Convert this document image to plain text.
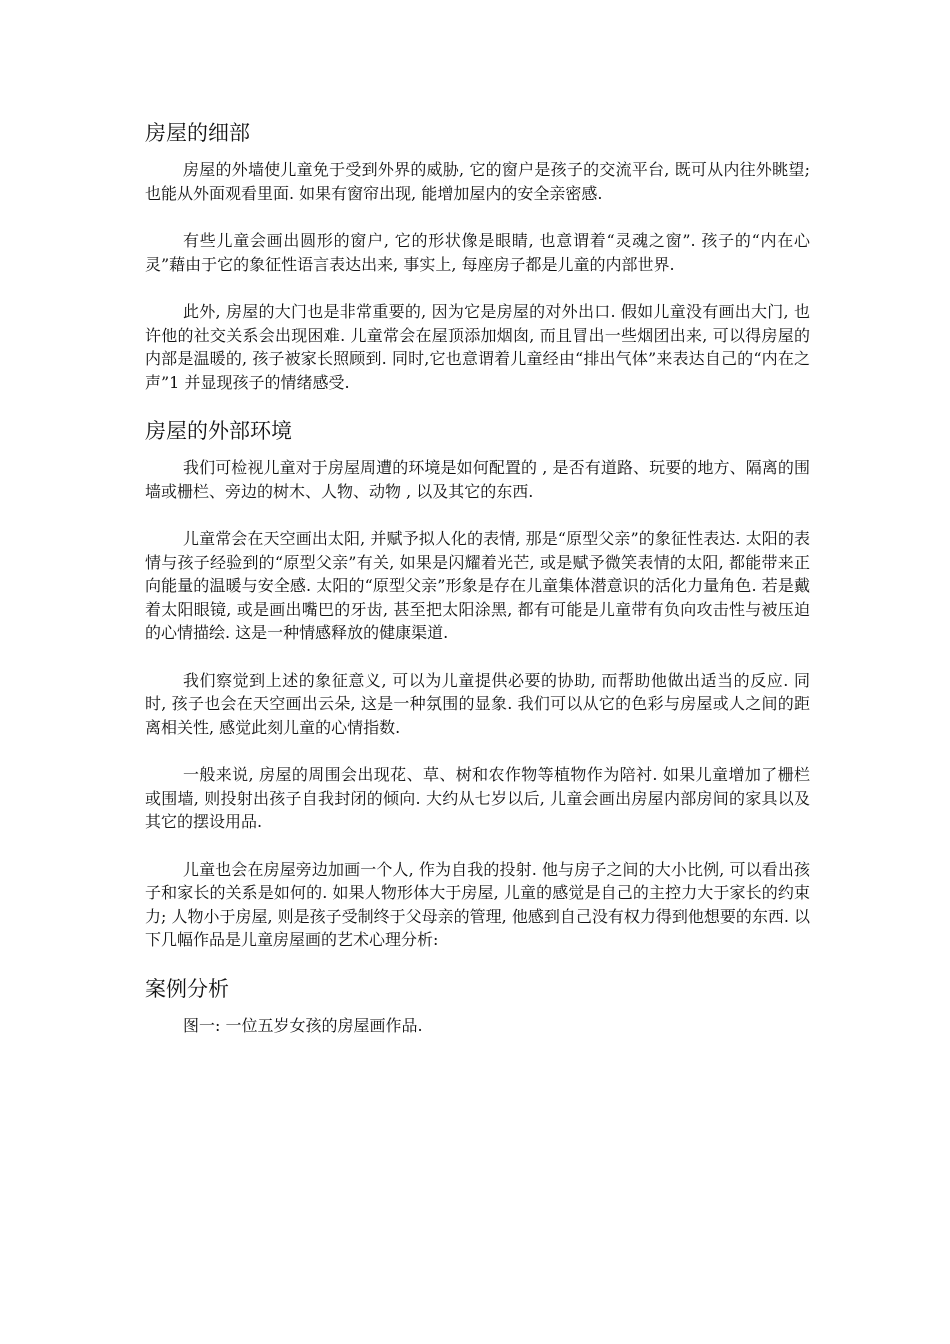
房屋的细部

房屋的外墙使儿童免于受到外界的威胁, 它的窗户是孩子的交流平台, 既可从内往外眺望; 也能从外面观看里面. 如果有窗帘出现, 能增加屋内的安全亲密感.

有些儿童会画出圆形的窗户, 它的形状像是眼睛, 也意谓着“灵魂之窗”. 孩子的“内在心灵”藉由于它的象征性语言表达出来, 事实上, 每座房子都是儿童的内部世界.

此外, 房屋的大门也是非常重要的, 因为它是房屋的对外出口. 假如儿童没有画出大门, 也许他的社交关系会出现困难. 儿童常会在屋顶添加烟囱, 而且冒出一些烟团出来, 可以得房屋的内部是温暖的, 孩子被家长照顾到. 同时,它也意谓着儿童经由“排出气体”来表达自己的“内在之声”1 并显现孩子的情绪感受.

房屋的外部环境

我们可检视儿童对于房屋周遭的环境是如何配置的 , 是否有道路、玩要的地方、隔离的围墙或栅栏、旁边的树木、人物、动物 , 以及其它的东西.

儿童常会在天空画出太阳, 并赋予拟人化的表情, 那是“原型父亲”的象征性表达. 太阳的表情与孩子经验到的“原型父亲”有关, 如果是闪耀着光芒, 或是赋予微笑表情的太阳, 都能带来正向能量的温暖与安全感. 太阳的“原型父亲”形象是存在儿童集体潜意识的活化力量角色. 若是戴着太阳眼镜, 或是画出嘴巴的牙齿, 甚至把太阳涂黑, 都有可能是儿童带有负向攻击性与被压迫的心情描绘. 这是一种情感释放的健康渠道.

我们察觉到上述的象征意义, 可以为儿童提供必要的协助, 而帮助他做出适当的反应. 同时, 孩子也会在天空画出云朵, 这是一种氛围的显象. 我们可以从它的色彩与房屋或人之间的距离相关性, 感觉此刻儿童的心情指数.

一般来说, 房屋的周围会出现花、草、树和农作物等植物作为陪衬. 如果儿童增加了栅栏或围墙, 则投射出孩子自我封闭的倾向. 大约从七岁以后, 儿童会画出房屋内部房间的家具以及其它的摆设用品.

儿童也会在房屋旁边加画一个人, 作为自我的投射. 他与房子之间的大小比例, 可以看出孩子和家长的关系是如何的. 如果人物形体大于房屋, 儿童的感觉是自己的主控力大于家长的约束力; 人物小于房屋, 则是孩子受制终于父母亲的管理, 他感到自己没有权力得到他想要的东西. 以下几幅作品是儿童房屋画的艺术心理分析:

案例分析

图一: 一位五岁女孩的房屋画作品.
